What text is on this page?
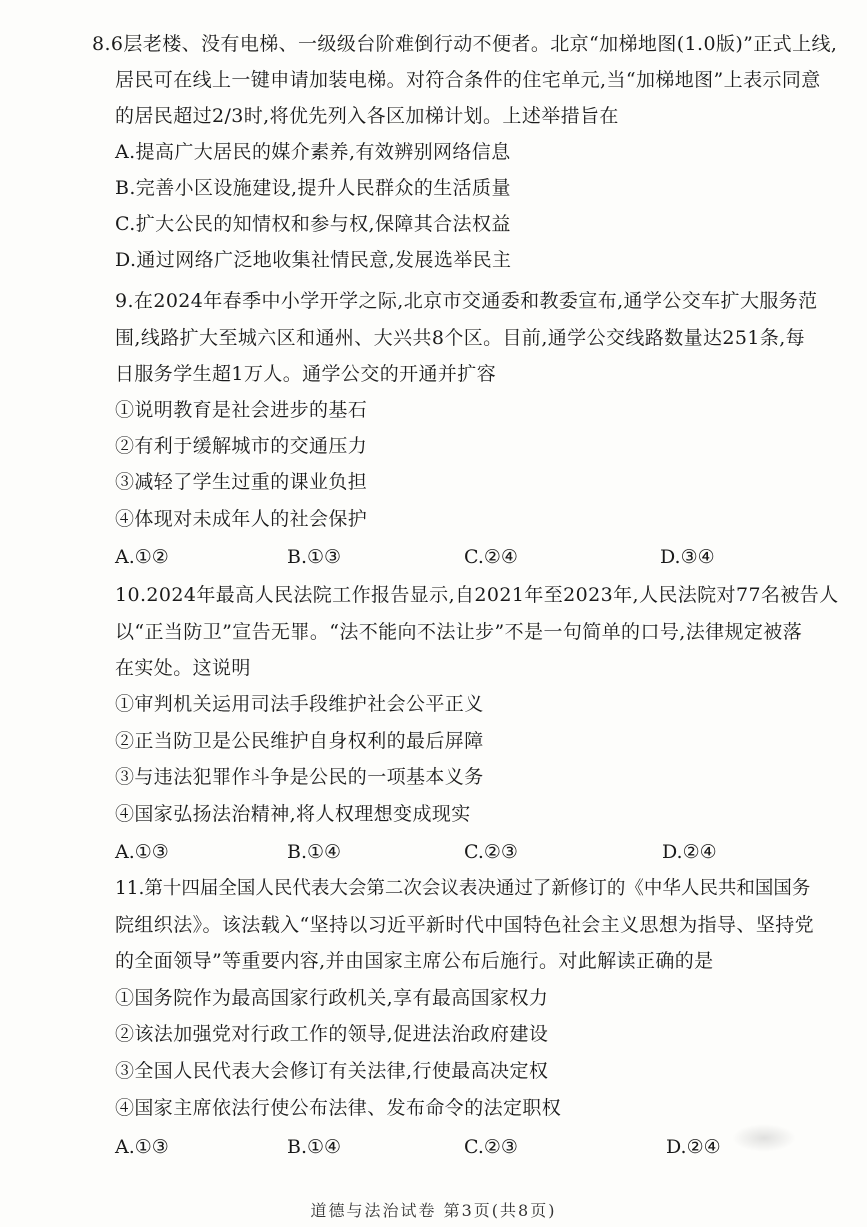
8.6层老楼、没有电梯、一级级台阶难倒行动不便者。北京“加梯地图(1.0版)”正式上线,
居民可在线上一键申请加装电梯。对符合条件的住宅单元,当“加梯地图”上表示同意
的居民超过2/3时,将优先列入各区加梯计划。上述举措旨在
A.提高广大居民的媒介素养,有效辨别网络信息
B.完善小区设施建设,提升人民群众的生活质量
C.扩大公民的知情权和参与权,保障其合法权益
D.通过网络广泛地收集社情民意,发展选举民主
9.在2024年春季中小学开学之际,北京市交通委和教委宣布,通学公交车扩大服务范
围,线路扩大至城六区和通州、大兴共8个区。目前,通学公交线路数量达251条,每
日服务学生超1万人。通学公交的开通并扩容
①说明教育是社会进步的基石
②有利于缓解城市的交通压力
③减轻了学生过重的课业负担
④体现对未成年人的社会保护
A.①②	B.①③	C.②④	D.③④
10.2024年最高人民法院工作报告显示,自2021年至2023年,人民法院对77名被告人
以“正当防卫”宣告无罪。“法不能向不法让步”不是一句简单的口号,法律规定被落
在实处。这说明
①审判机关运用司法手段维护社会公平正义
②正当防卫是公民维护自身权利的最后屏障
③与违法犯罪作斗争是公民的一项基本义务
④国家弘扬法治精神,将人权理想变成现实
A.①③	B.①④	C.②③	D.②④
11.第十四届全国人民代表大会第二次会议表决通过了新修订的《中华人民共和国国务
院组织法》。该法载入“坚持以习近平新时代中国特色社会主义思想为指导、坚持党
的全面领导”等重要内容,并由国家主席公布后施行。对此解读正确的是
①国务院作为最高国家行政机关,享有最高国家权力
②该法加强党对行政工作的领导,促进法治政府建设
③全国人民代表大会修订有关法律,行使最高决定权
④国家主席依法行使公布法律、发布命令的法定职权
A.①③	B.①④	C.②③	D.②④
道德与法治试卷 第3页(共8页)
